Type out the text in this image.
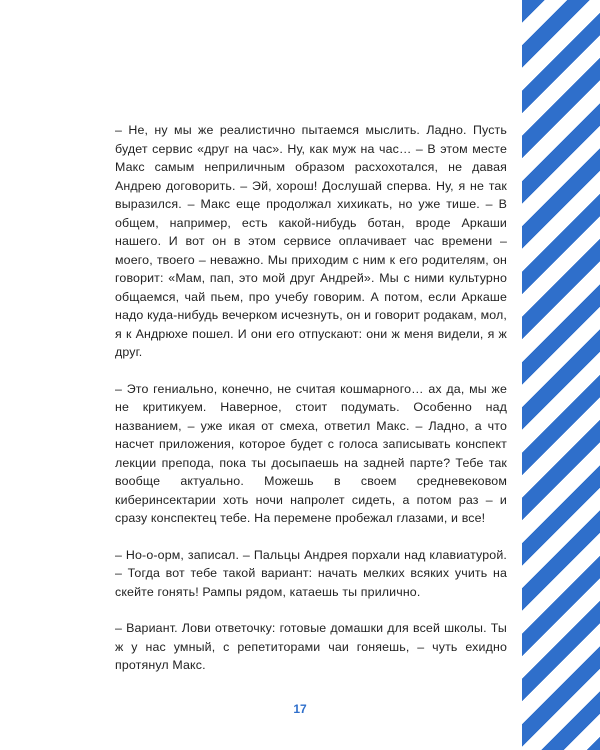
– Не, ну мы же реалистично пытаемся мыслить. Ладно. Пусть будет сервис «друг на час». Ну, как муж на час… – В этом месте Макс самым неприличным образом расхохотался, не давая Андрею договорить. – Эй, хорош! Дослушай сперва. Ну, я не так выразился. – Макс еще продолжал хихикать, но уже тише. – В общем, например, есть какой-нибудь ботан, вроде Аркаши нашего. И вот он в этом сервисе оплачивает час времени – моего, твоего – неважно. Мы приходим с ним к его родителям, он говорит: «Мам, пап, это мой друг Андрей». Мы с ними культурно общаемся, чай пьем, про учебу говорим. А потом, если Аркаше надо куда-нибудь вечерком исчезнуть, он и говорит родакам, мол, я к Андрюхе пошел. И они его отпускают: они ж меня видели, я ж друг.

– Это гениально, конечно, не считая кошмарного… ах да, мы же не критикуем. Наверное, стоит подумать. Особенно над названием, – уже икая от смеха, ответил Макс. – Ладно, а что насчет приложения, которое будет с голоса записывать конспект лекции препода, пока ты досыпаешь на задней парте? Тебе так вообще актуально. Можешь в своем средневековом киберинсектарии хоть ночи напролет сидеть, а потом раз – и сразу конспектец тебе. На перемене пробежал глазами, и все!

– Но-о-орм, записал. – Пальцы Андрея порхали над клавиатурой. – Тогда вот тебе такой вариант: начать мелких всяких учить на скейте гонять! Рампы рядом, катаешь ты прилично.

– Вариант. Лови ответочку: готовые домашки для всей школы. Ты ж у нас умный, с репетиторами чаи гоняешь, – чуть ехидно протянул Макс.

17
